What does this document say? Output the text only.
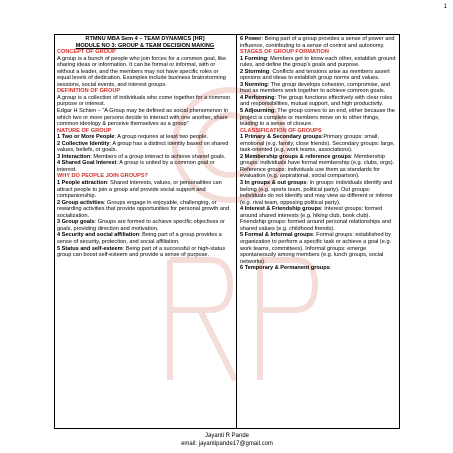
1
RTMNU MBA Sem 4 – TEAM DYNAMICS [HR]
MODULE NO 3: GROUP & TEAM DECISION MAKING
CONCEPT OF GROUP

A group is a bunch of people who join forces for a common goal, like sharing ideas or information. It can be formal or informal, with or without a leader, and the members may not have specific roles or equal levels of dedication. Examples include business brainstorming sessions, social events, and interest groups.

DEFINITION OF GROUP

A group is a collection of individuals who come together for a common purpose or interest.

Edgar H Schien – “A Group may be defined as social phenomenon in which two or more persons decide to interact with one another, share common ideology & perceive themselves as a group”

NATURE OF GROUP

1 Two or More People: A group requires at least two people.

2 Collective Identity: A group has a distinct identity based on shared values, beliefs, or goals.

3 Interaction: Members of a group interact to achieve shared goals.

4 Shared Goal Interest: A group is united by a common goal or interest.

WHY DO PEOPLE JOIN GROUPS?

1 People attraction: Shared interests, values, or personalities can attract people to join a group and provide social support and companionship.

2 Group activities: Groups engage in enjoyable, challenging, or rewarding activities that provide opportunities for personal growth and socialization.

3 Group goals: Groups are formed to achieve specific objectives or goals, providing direction and motivation.

4 Security and social affiliation: Being part of a group provides a sense of security, protection, and social affiliation.

5 Status and self-esteem: Being part of a successful or high-status group can boost self-esteem and provide a sense of purpose.

6 Power: Being part of a group provides a sense of power and influence, contributing to a sense of control and autonomy.

STAGES OF GROUP FORMATION

1 Forming: Members get to know each other, establish ground rules, and define the group’s goals and purpose.

2 Storming: Conflicts and tensions arise as members assert opinions and ideas to establish group norms and values.

3 Norming: The group develops cohesion, compromise, and trust as members work together to achieve common goals.

4 Performing: The group functions effectively with clear roles and responsibilities, mutual support, and high productivity.

5 Adjourning: The group comes to an end, either because the project is complete or members move on to other things, leading to a sense of closure.

CLASSIFICATION OF GROUPS

1 Primary & Secondary groups:Primary groups: small, emotional (e.g. family, close friends). Secondary groups: large, task-oriented (e.g. work teams, associations).

2 Membership groups & reference groups: Membership groups: individuals have formal membership (e.g. clubs, orgs). Reference groups: individuals use them as standards for evaluation (e.g. aspirational, social comparison).

3 In groups & out groups: In groups: individuals identify and belong (e.g. sports team, political party). Out groups: individuals do not identify and may view as different or inferior (e.g. rival team, opposing political party).

4 Interest & Friendship groups: Interest groups: formed around shared interests (e.g. hiking club, book club). Friendship groups: formed around personal relationships and shared values (e.g. childhood friends).

5 Formal & Informal groups: Formal groups: established by organization to perform a specific task or achieve a goal (e.g. work teams, committees). Informal groups: emerge spontaneously among members (e.g. lunch groups, social networks).

6 Temporary & Permanent groups:

Jayanti R Pande
email: jayantipande17@gmail.com
